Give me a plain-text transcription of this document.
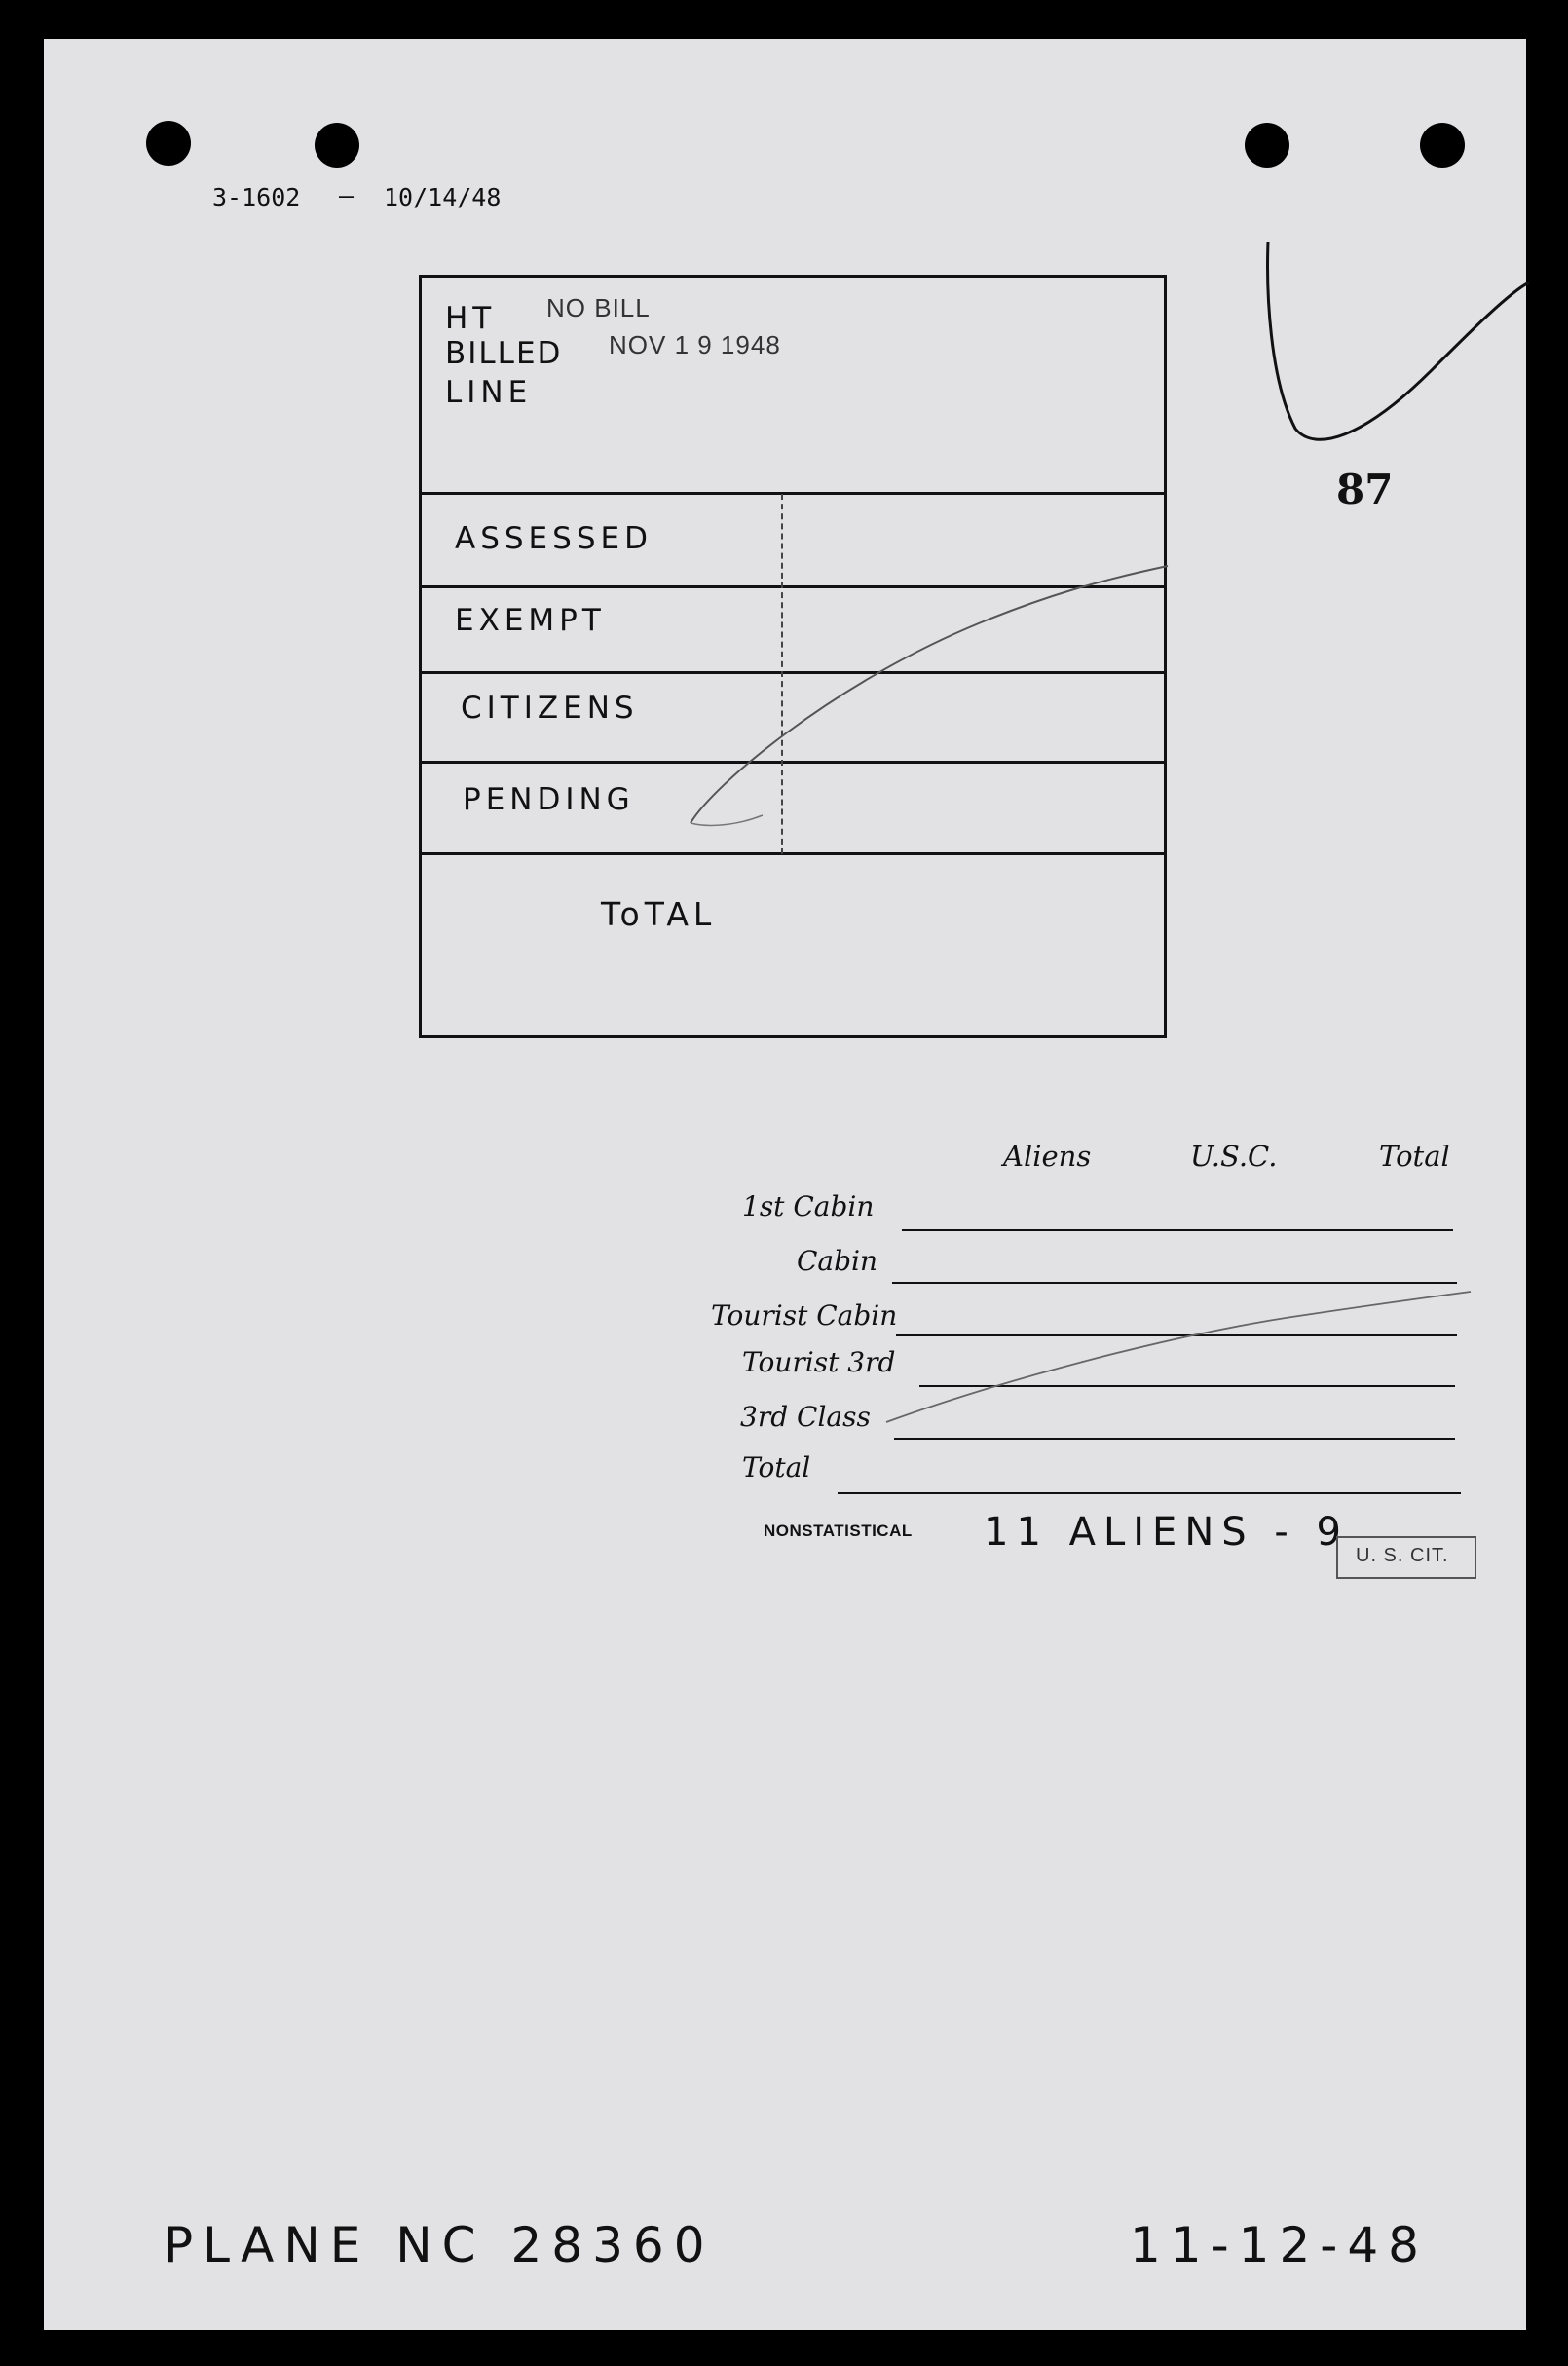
3-1602 — 10/14/48
87
HT
BILLED
LINE
NO BILL
NOV 1 9 1948
ASSESSED
EXEMPT
CITIZENS
PENDING
ToTAL
Aliens	U.S.C.	Total
1st Cabin
Cabin
Tourist Cabin
Tourist 3rd
3rd Class
Total
NONSTATISTICAL 11 ALIENS - 9
U. S. CIT.
PLANE NC 28360	11-12-48
